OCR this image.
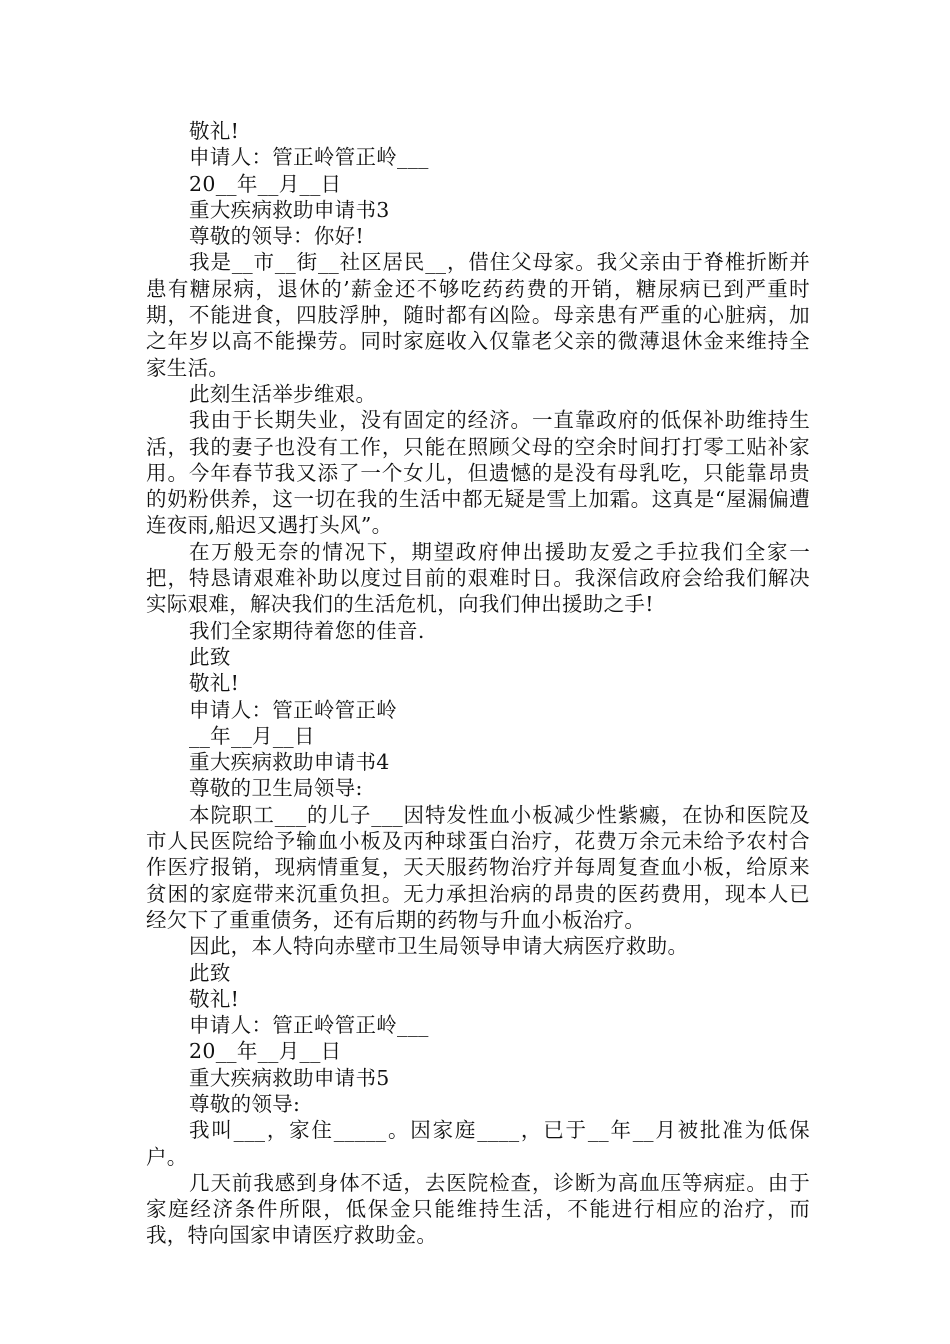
敬礼!

申请人：管正岭管正岭___

20__年__月__日

重大疾病救助申请书3

尊敬的领导：你好!

我是__市__街__社区居民__，借住父母家。我父亲由于脊椎折断并患有糖尿病，退休的’薪金还不够吃药药费的开销，糖尿病已到严重时期，不能进食，四肢浮肿，随时都有凶险。母亲患有严重的心脏病，加之年岁以高不能操劳。同时家庭收入仅靠老父亲的微薄退休金来维持全家生活。

此刻生活举步维艰。

我由于长期失业，没有固定的经济。一直靠政府的低保补助维持生活，我的妻子也没有工作，只能在照顾父母的空余时间打打零工贴补家用。今年春节我又添了一个女儿，但遗憾的是没有母乳吃，只能靠昂贵的奶粉供养，这一切在我的生活中都无疑是雪上加霜。这真是“屋漏偏遭连夜雨,船迟又遇打头风”。

在万般无奈的情况下，期望政府伸出援助友爱之手拉我们全家一把，特恳请艰难补助以度过目前的艰难时日。我深信政府会给我们解决实际艰难，解决我们的生活危机，向我们伸出援助之手!

我们全家期待着您的佳音.

此致

敬礼!

申请人：管正岭管正岭

__年__月__日

重大疾病救助申请书4

尊敬的卫生局领导:

本院职工___的儿子___因特发性血小板减少性紫癜，在协和医院及市人民医院给予输血小板及丙种球蛋白治疗，花费万余元未给予农村合作医疗报销，现病情重复，天天服药物治疗并每周复查血小板，给原来贫困的家庭带来沉重负担。无力承担治病的昂贵的医药费用，现本人已经欠下了重重债务，还有后期的药物与升血小板治疗。

因此，本人特向赤壁市卫生局领导申请大病医疗救助。

此致

敬礼!

申请人：管正岭管正岭___

20__年__月__日

重大疾病救助申请书5

尊敬的领导:

我叫___，家住_____。因家庭____，已于__年__月被批准为低保户。

几天前我感到身体不适，去医院检查，诊断为高血压等病症。由于家庭经济条件所限，低保金只能维持生活，不能进行相应的治疗，而我，特向国家申请医疗救助金。
